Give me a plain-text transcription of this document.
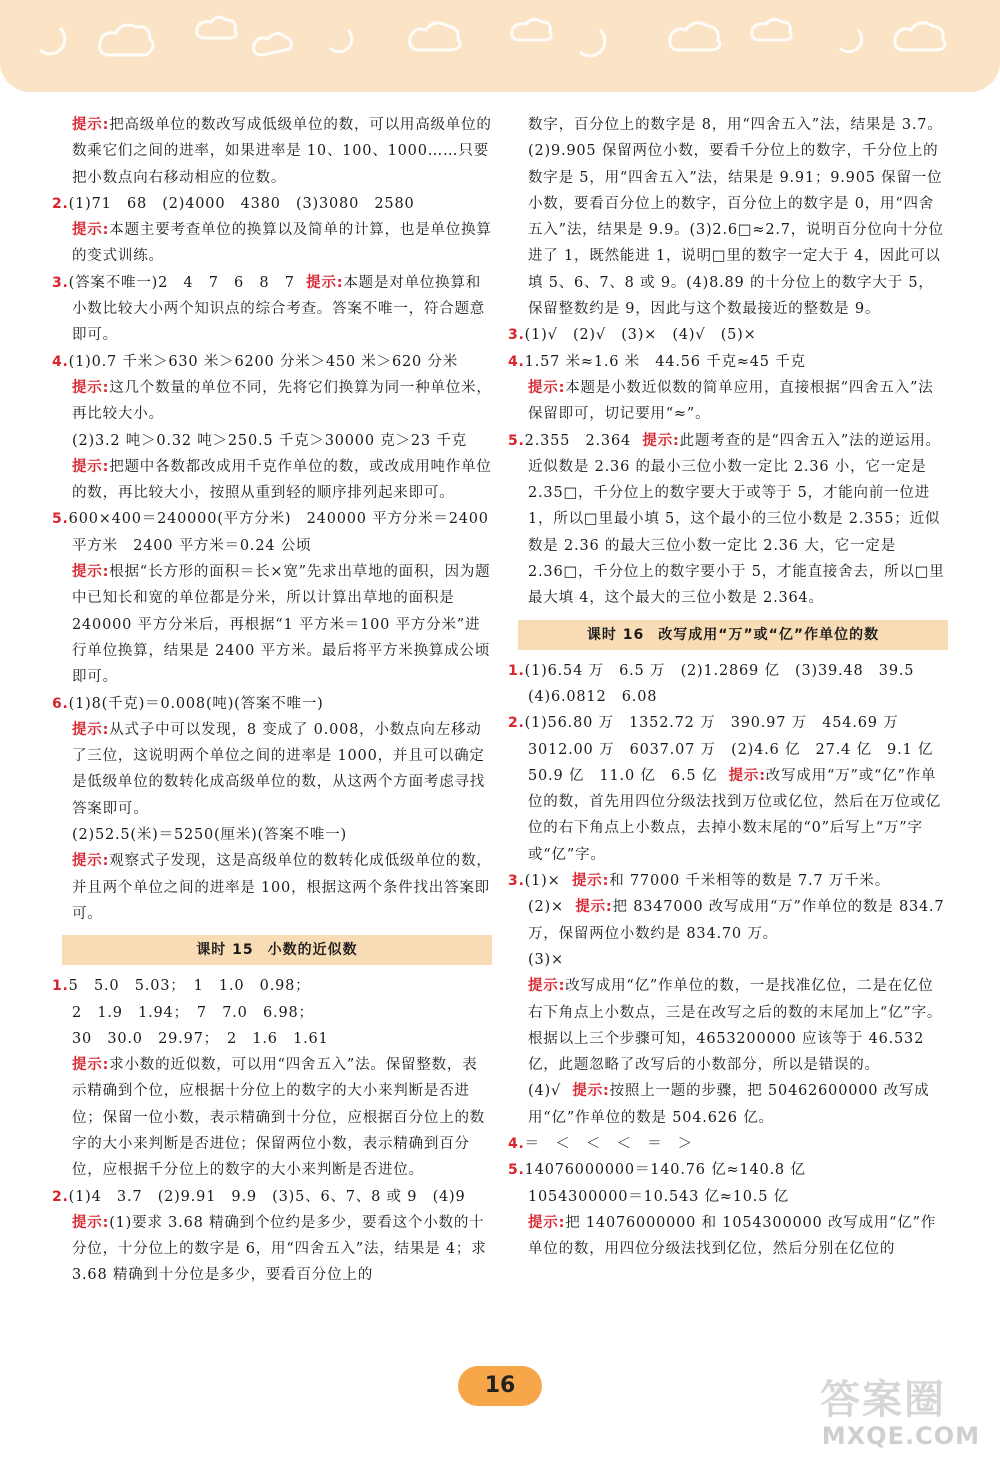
提示:把高级单位的数改写成低级单位的数，可以用高级单位的数乘它们之间的进率，如果进率是 10、100、1000……只要把小数点向右移动相应的位数。

2.(1)71　68　(2)4000　4380　(3)3080　2580

提示:本题主要考查单位的换算以及简单的计算，也是单位换算的变式训练。

3.(答案不唯一)2　4　7　6　8　7 提示:本题是对单位换算和小数比较大小两个知识点的综合考查。答案不唯一，符合题意即可。

4.(1)0.7 千米＞630 米＞6200 分米＞450 米＞620 分米

提示:这几个数量的单位不同，先将它们换算为同一种单位米，再比较大小。

(2)3.2 吨＞0.32 吨＞250.5 千克＞30000 克＞23 千克

提示:把题中各数都改成用千克作单位的数，或改成用吨作单位的数，再比较大小，按照从重到轻的顺序排列起来即可。

5.600×400＝240000(平方分米)　240000 平方分米＝2400 平方米　2400 平方米＝0.24 公顷

提示:根据“长方形的面积＝长×宽”先求出草地的面积，因为题中已知长和宽的单位都是分米，所以计算出草地的面积是 240000 平方分米后，再根据“1 平方米＝100 平方分米”进行单位换算，结果是 2400 平方米。最后将平方米换算成公顷即可。

6.(1)8(千克)＝0.008(吨)(答案不唯一)

提示:从式子中可以发现，8 变成了 0.008，小数点向左移动了三位，这说明两个单位之间的进率是 1000，并且可以确定是低级单位的数转化成高级单位的数，从这两个方面考虑寻找答案即可。

(2)52.5(米)＝5250(厘米)(答案不唯一)

提示:观察式子发现，这是高级单位的数转化成低级单位的数，并且两个单位之间的进率是 100，根据这两个条件找出答案即可。

课时 15 小数的近似数

1.5　5.0　5.03；　1　1.0　0.98；

2　1.9　1.94；　7　7.0　6.98；

30　30.0　29.97；　2　1.6　1.61

提示:求小数的近似数，可以用“四舍五入”法。保留整数，表示精确到个位，应根据十分位上的数字的大小来判断是否进位；保留一位小数，表示精确到十分位，应根据百分位上的数字的大小来判断是否进位；保留两位小数，表示精确到百分位，应根据千分位上的数字的大小来判断是否进位。

2.(1)4　3.7　(2)9.91　9.9　(3)5、6、7、8 或 9　(4)9

提示:(1)要求 3.68 精确到个位约是多少，要看这个小数的十分位，十分位上的数字是 6，用“四舍五入”法，结果是 4；求 3.68 精确到十分位是多少，要看百分位上的

数字，百分位上的数字是 8，用“四舍五入”法，结果是 3.7。(2)9.905 保留两位小数，要看千分位上的数字，千分位上的数字是 5，用“四舍五入”法，结果是 9.91；9.905 保留一位小数，要看百分位上的数字，百分位上的数字是 0，用“四舍五入”法，结果是 9.9。(3)2.6□≈2.7，说明百分位向十分位进了 1，既然能进 1，说明□里的数字一定大于 4，因此可以填 5、6、7、8 或 9。(4)8.89 的十分位上的数字大于 5，保留整数约是 9，因此与这个数最接近的整数是 9。

3.(1)√　(2)√　(3)×　(4)√　(5)×

4.1.57 米≈1.6 米　44.56 千克≈45 千克

提示:本题是小数近似数的简单应用，直接根据“四舍五入”法保留即可，切记要用“≈”。

5.2.355　2.364 提示:此题考查的是“四舍五入”法的逆运用。近似数是 2.36 的最小三位小数一定比 2.36 小，它一定是 2.35□，千分位上的数字要大于或等于 5，才能向前一位进 1，所以□里最小填 5，这个最小的三位小数是 2.355；近似数是 2.36 的最大三位小数一定比 2.36 大，它一定是 2.36□，千分位上的数字要小于 5，才能直接舍去，所以□里最大填 4，这个最大的三位小数是 2.364。

课时 16 改写成用“万”或“亿”作单位的数

1.(1)6.54 万　6.5 万　(2)1.2869 亿　(3)39.48　39.5

(4)6.0812　6.08

2.(1)56.80 万　1352.72 万　390.97 万　454.69 万　3012.00 万　6037.07 万　(2)4.6 亿　27.4 亿　9.1 亿　50.9 亿　11.0 亿　6.5 亿 提示:改写成用“万”或“亿”作单位的数，首先用四位分级法找到万位或亿位，然后在万位或亿位的右下角点上小数点，去掉小数末尾的“0”后写上“万”字或“亿”字。

3.(1)× 提示:和 77000 千米相等的数是 7.7 万千米。

(2)× 提示:把 8347000 改写成用“万”作单位的数是 834.7 万，保留两位小数约是 834.70 万。

(3)×

提示:改写成用“亿”作单位的数，一是找准亿位，二是在亿位右下角点上小数点，三是在改写之后的数的末尾加上“亿”字。根据以上三个步骤可知，4653200000 应该等于 46.532 亿，此题忽略了改写后的小数部分，所以是错误的。

(4)√ 提示:按照上一题的步骤，把 50462600000 改写成用“亿”作单位的数是 504.626 亿。

4.＝　＜　＜　＜　＝　＞

5.14076000000＝140.76 亿≈140.8 亿

1054300000＝10.543 亿≈10.5 亿

提示:把 14076000000 和 1054300000 改写成用“亿”作单位的数，用四位分级法找到亿位，然后分别在亿位的

16	答案圈
MXQE.COM
